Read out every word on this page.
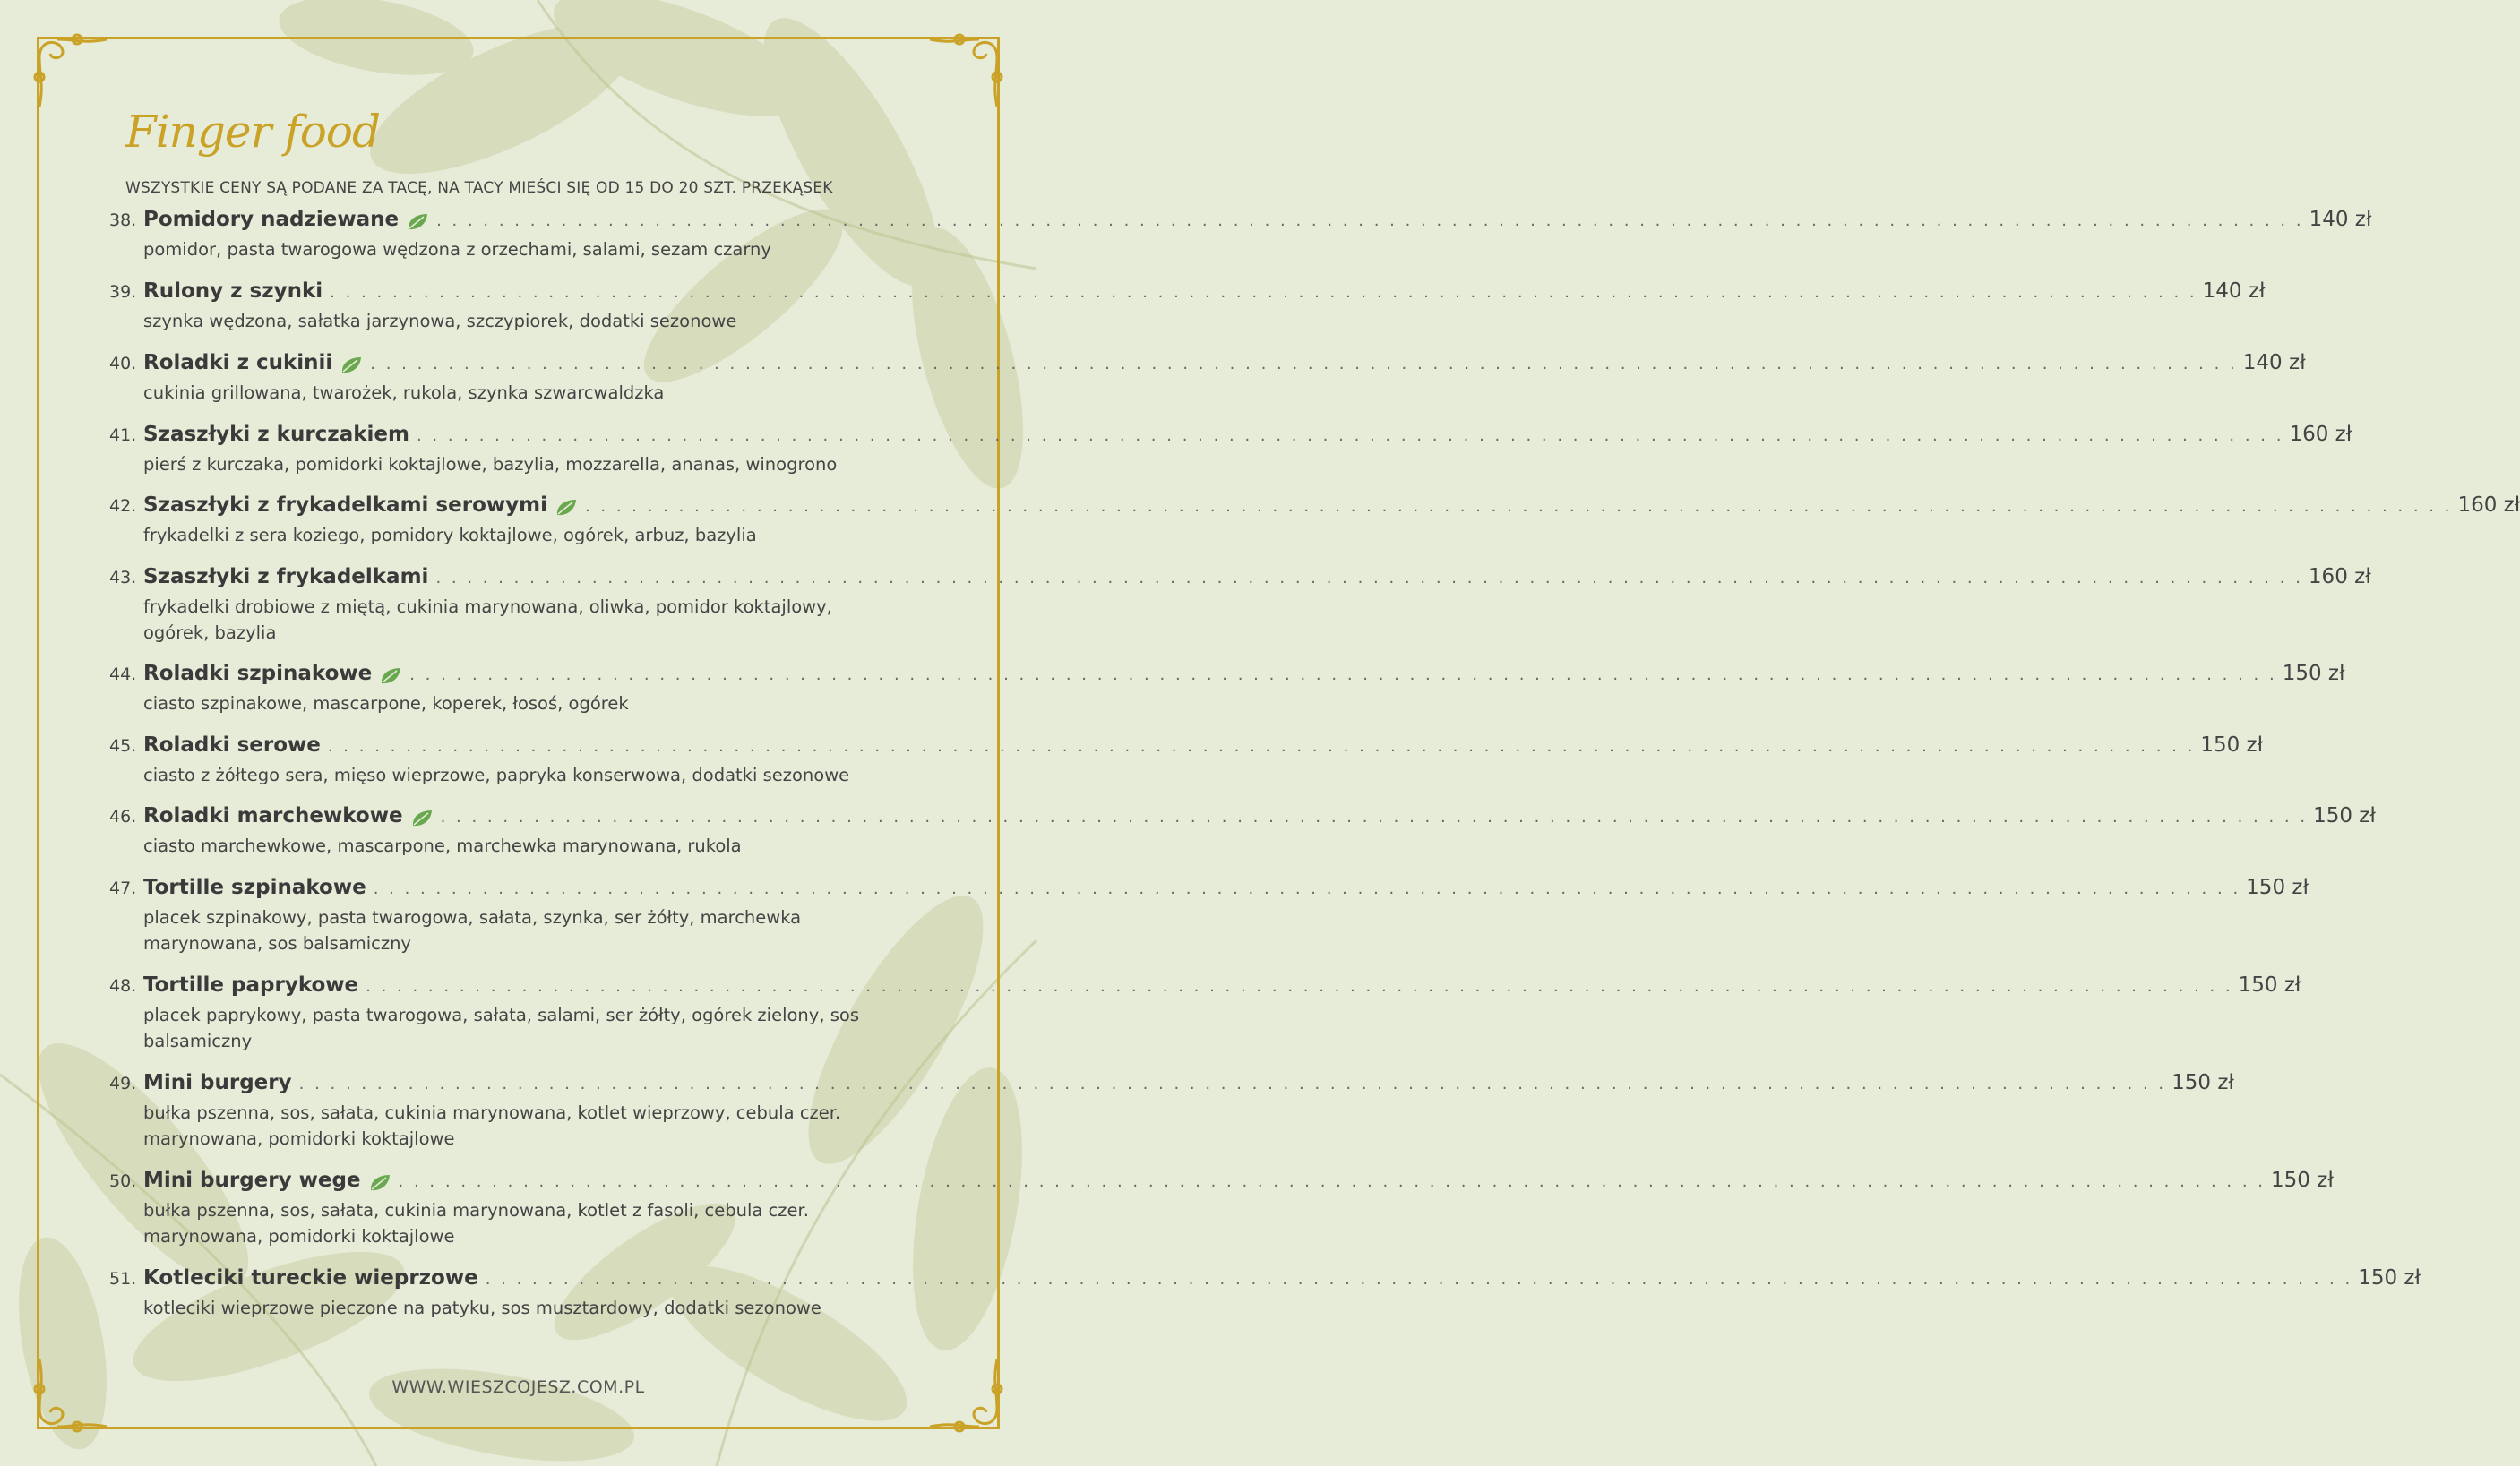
Finger food
WSZYSTKIE CENY SĄ PODANE ZA TACĘ, NA TACY MIEŚCI SIĘ OD 15 DO 20 SZT. PRZEKĄSEK
38. Pomidory nadziewane . . . . . . . . . . . . . . . . . . . . . . . . . . . . . . . . . . . . . . . . . . . . . . . . . . . . . . . . . . . . . . . . . . . . . . . . . . . . . . . . . . . . . . . . . . . . . . . . . . . . . . . . . . . . . . . . . . . . . . . . 140 zł
pomidor, pasta twarogowa wędzona z orzechami, salami, sezam czarny
39. Rulony z szynki . . . . . . . . . . . . . . . . . . . . . . . . . . . . . . . . . . . . . . . . . . . . . . . . . . . . . . . . . . . . . . . . . . . . . . . . . . . . . . . . . . . . . . . . . . . . . . . . . . . . . . . . . . . . . . . . . . . . . . . . 140 zł
szynka wędzona, sałatka jarzynowa, szczypiorek, dodatki sezonowe
40. Roladki z cukinii . . . . . . . . . . . . . . . . . . . . . . . . . . . . . . . . . . . . . . . . . . . . . . . . . . . . . . . . . . . . . . . . . . . . . . . . . . . . . . . . . . . . . . . . . . . . . . . . . . . . . . . . . . . . . . . . . . . . . . . . 140 zł
cukinia grillowana, twarożek, rukola, szynka szwarcwaldzka
41. Szaszłyki z kurczakiem . . . . . . . . . . . . . . . . . . . . . . . . . . . . . . . . . . . . . . . . . . . . . . . . . . . . . . . . . . . . . . . . . . . . . . . . . . . . . . . . . . . . . . . . . . . . . . . . . . . . . . . . . . . . . . . . . . . . . . . . 160 zł
pierś z kurczaka, pomidorki koktajlowe, bazylia, mozzarella, ananas, winogrono
42. Szaszłyki z frykadelkami serowymi . . . . . . . . . . . . . . . . . . . . . . . . . . . . . . . . . . . . . . . . . . . . . . . . . . . . . . . . . . . . . . . . . . . . . . . . . . . . . . . . . . . . . . . . . . . . . . . . . . . . . . . . . . . . . . . . . . . . . . . . 160 zł
frykadelki z sera koziego, pomidory koktajlowe, ogórek, arbuz, bazylia
43. Szaszłyki z frykadelkami . . . . . . . . . . . . . . . . . . . . . . . . . . . . . . . . . . . . . . . . . . . . . . . . . . . . . . . . . . . . . . . . . . . . . . . . . . . . . . . . . . . . . . . . . . . . . . . . . . . . . . . . . . . . . . . . . . . . . . . . 160 zł
frykadelki drobiowe z miętą, cukinia marynowana, oliwka, pomidor koktajlowy, ogórek, bazylia
44. Roladki szpinakowe . . . . . . . . . . . . . . . . . . . . . . . . . . . . . . . . . . . . . . . . . . . . . . . . . . . . . . . . . . . . . . . . . . . . . . . . . . . . . . . . . . . . . . . . . . . . . . . . . . . . . . . . . . . . . . . . . . . . . . . . 150 zł
ciasto szpinakowe, mascarpone, koperek, łosoś, ogórek
45. Roladki serowe . . . . . . . . . . . . . . . . . . . . . . . . . . . . . . . . . . . . . . . . . . . . . . . . . . . . . . . . . . . . . . . . . . . . . . . . . . . . . . . . . . . . . . . . . . . . . . . . . . . . . . . . . . . . . . . . . . . . . . . . 150 zł
ciasto z żółtego sera, mięso wieprzowe, papryka konserwowa, dodatki sezonowe
46. Roladki marchewkowe . . . . . . . . . . . . . . . . . . . . . . . . . . . . . . . . . . . . . . . . . . . . . . . . . . . . . . . . . . . . . . . . . . . . . . . . . . . . . . . . . . . . . . . . . . . . . . . . . . . . . . . . . . . . . . . . . . . . . . . . 150 zł
ciasto marchewkowe, mascarpone, marchewka marynowana, rukola
47. Tortille szpinakowe . . . . . . . . . . . . . . . . . . . . . . . . . . . . . . . . . . . . . . . . . . . . . . . . . . . . . . . . . . . . . . . . . . . . . . . . . . . . . . . . . . . . . . . . . . . . . . . . . . . . . . . . . . . . . . . . . . . . . . . . 150 zł
placek szpinakowy, pasta twarogowa, sałata, szynka, ser żółty, marchewka marynowana, sos balsamiczny
48. Tortille paprykowe . . . . . . . . . . . . . . . . . . . . . . . . . . . . . . . . . . . . . . . . . . . . . . . . . . . . . . . . . . . . . . . . . . . . . . . . . . . . . . . . . . . . . . . . . . . . . . . . . . . . . . . . . . . . . . . . . . . . . . . . 150 zł
placek paprykowy, pasta twarogowa, sałata, salami, ser żółty, ogórek zielony, sos balsamiczny
49. Mini burgery . . . . . . . . . . . . . . . . . . . . . . . . . . . . . . . . . . . . . . . . . . . . . . . . . . . . . . . . . . . . . . . . . . . . . . . . . . . . . . . . . . . . . . . . . . . . . . . . . . . . . . . . . . . . . . . . . . . . . . . . 150 zł
bułka pszenna, sos, sałata, cukinia marynowana, kotlet wieprzowy, cebula czer. marynowana, pomidorki koktajlowe
50. Mini burgery wege . . . . . . . . . . . . . . . . . . . . . . . . . . . . . . . . . . . . . . . . . . . . . . . . . . . . . . . . . . . . . . . . . . . . . . . . . . . . . . . . . . . . . . . . . . . . . . . . . . . . . . . . . . . . . . . . . . . . . . . . 150 zł
bułka pszenna, sos, sałata, cukinia marynowana, kotlet z fasoli, cebula czer. marynowana, pomidorki koktajlowe
51. Kotleciki tureckie wieprzowe . . . . . . . . . . . . . . . . . . . . . . . . . . . . . . . . . . . . . . . . . . . . . . . . . . . . . . . . . . . . . . . . . . . . . . . . . . . . . . . . . . . . . . . . . . . . . . . . . . . . . . . . . . . . . . . . . . . . . . . . 150 zł
kotleciki wieprzowe pieczone na patyku, sos musztardowy, dodatki sezonowe
WWW.WIESZCOJESZ.COM.PL
